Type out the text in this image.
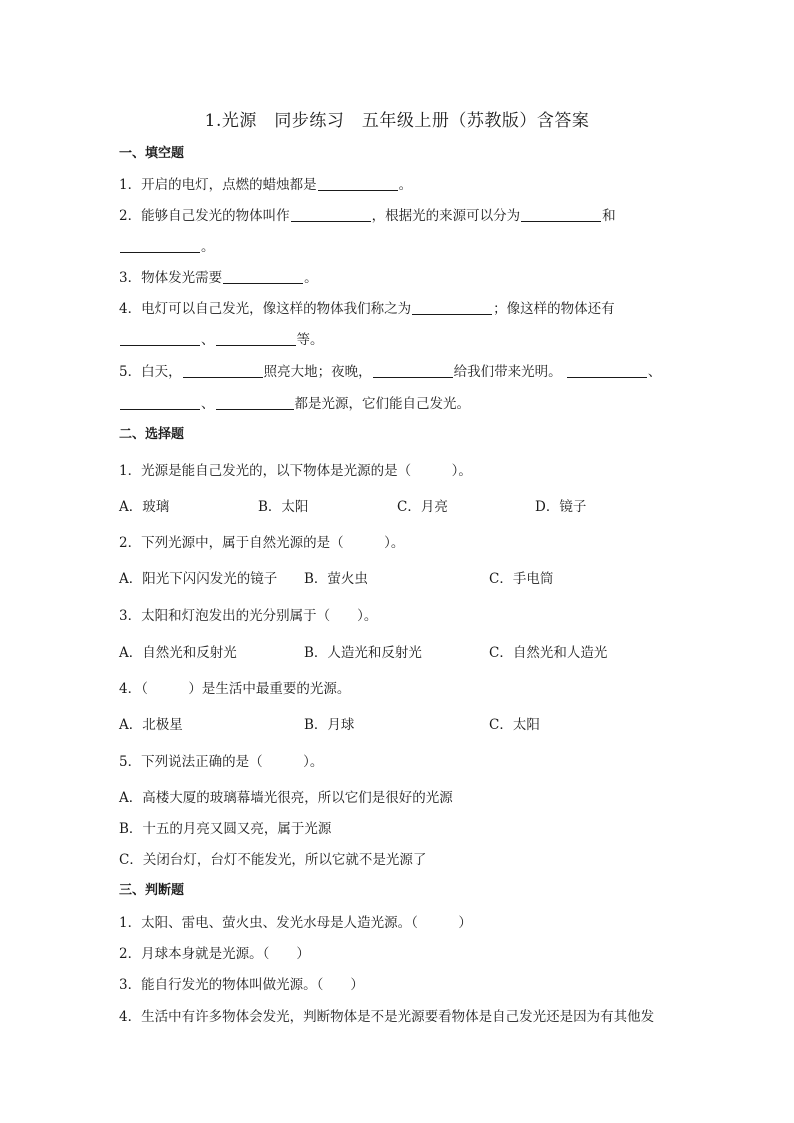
1.光源　同步练习　五年级上册（苏教版）含答案
一、填空题
1．开启的电灯，点燃的蜡烛都是	。
2．能够自己发光的物体叫作	，根据光的来源可以分为	和
。
3．物体发光需要	。
4．电灯可以自己发光，像这样的物体我们称之为	；像这样的物体还有
、	等。
5．白天，	照亮大地；夜晚，	给我们带来光明。	、
、	都是光源，它们能自己发光。
二、选择题
1．光源是能自己发光的，以下物体是光源的是（　　　）。
A．玻璃	B．太阳	C．月亮	D．镜子
2．下列光源中，属于自然光源的是（　　　）。
A．阳光下闪闪发光的镜子 B．萤火虫	C．手电筒
3．太阳和灯泡发出的光分别属于（　　）。
A．自然光和反射光	B．人造光和反射光	C．自然光和人造光
4．（　　　）是生活中最重要的光源。
A．北极星	B．月球	C．太阳
5．下列说法正确的是（　　　）。
A．高楼大厦的玻璃幕墙光很亮，所以它们是很好的光源
B．十五的月亮又圆又亮，属于光源
C．关闭台灯，台灯不能发光，所以它就不是光源了
三、判断题
1．太阳、雷电、萤火虫、发光水母是人造光源。（　　　）
2．月球本身就是光源。（　　）
3．能自行发光的物体叫做光源。（　　）
4．生活中有许多物体会发光，判断物体是不是光源要看物体是自己发光还是因为有其他发
